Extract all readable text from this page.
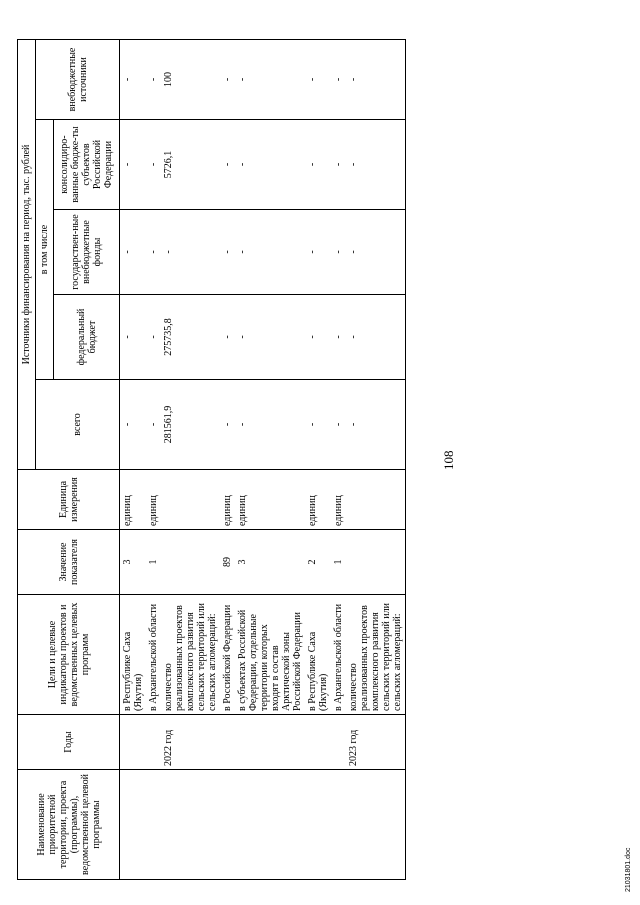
108
Наименование приоритетной территории, проекта (программы), ведомственной целевой программы	Годы	Цели и целевые индикаторы проектов и ведомственных целевых программ	Значение показателя	Единица измерения	Источники финансирования на период, тыс. рублей				
					всего	в том числе			внебюджетные источники
						федеральный бюджет	государствен-ные внебюджетные фонды	консолидиро-ванные бюдже-ты субъектов Российской Федерации	
		в Республике Саха (Якутия)	3	единиц	-	-	-	-	-
		в Архангельской области	1	единиц	-	-	-	-	-
	2022 год	количество реализованных проектов комплексного развития сельских территорий или сельских агломераций:			281561,9	275735,8	-	5726,1	100
		в Российской Федерации	89	единиц	-	-	-	-	-
		в субъектах Российской Федерации, отдельные территории которых входят в состав Арктической зоны Российской Федерации	3	единиц	-	-	-	-	-
		в Республике Саха (Якутия)	2	единиц	-	-	-	-	-
		в Архангельской области	1	единиц	-	-	-	-	-
	2023 год	количество реализованных проектов комплексного развития сельских территорий или сельских агломераций:			-	-	-	-	-
21031801.doc
